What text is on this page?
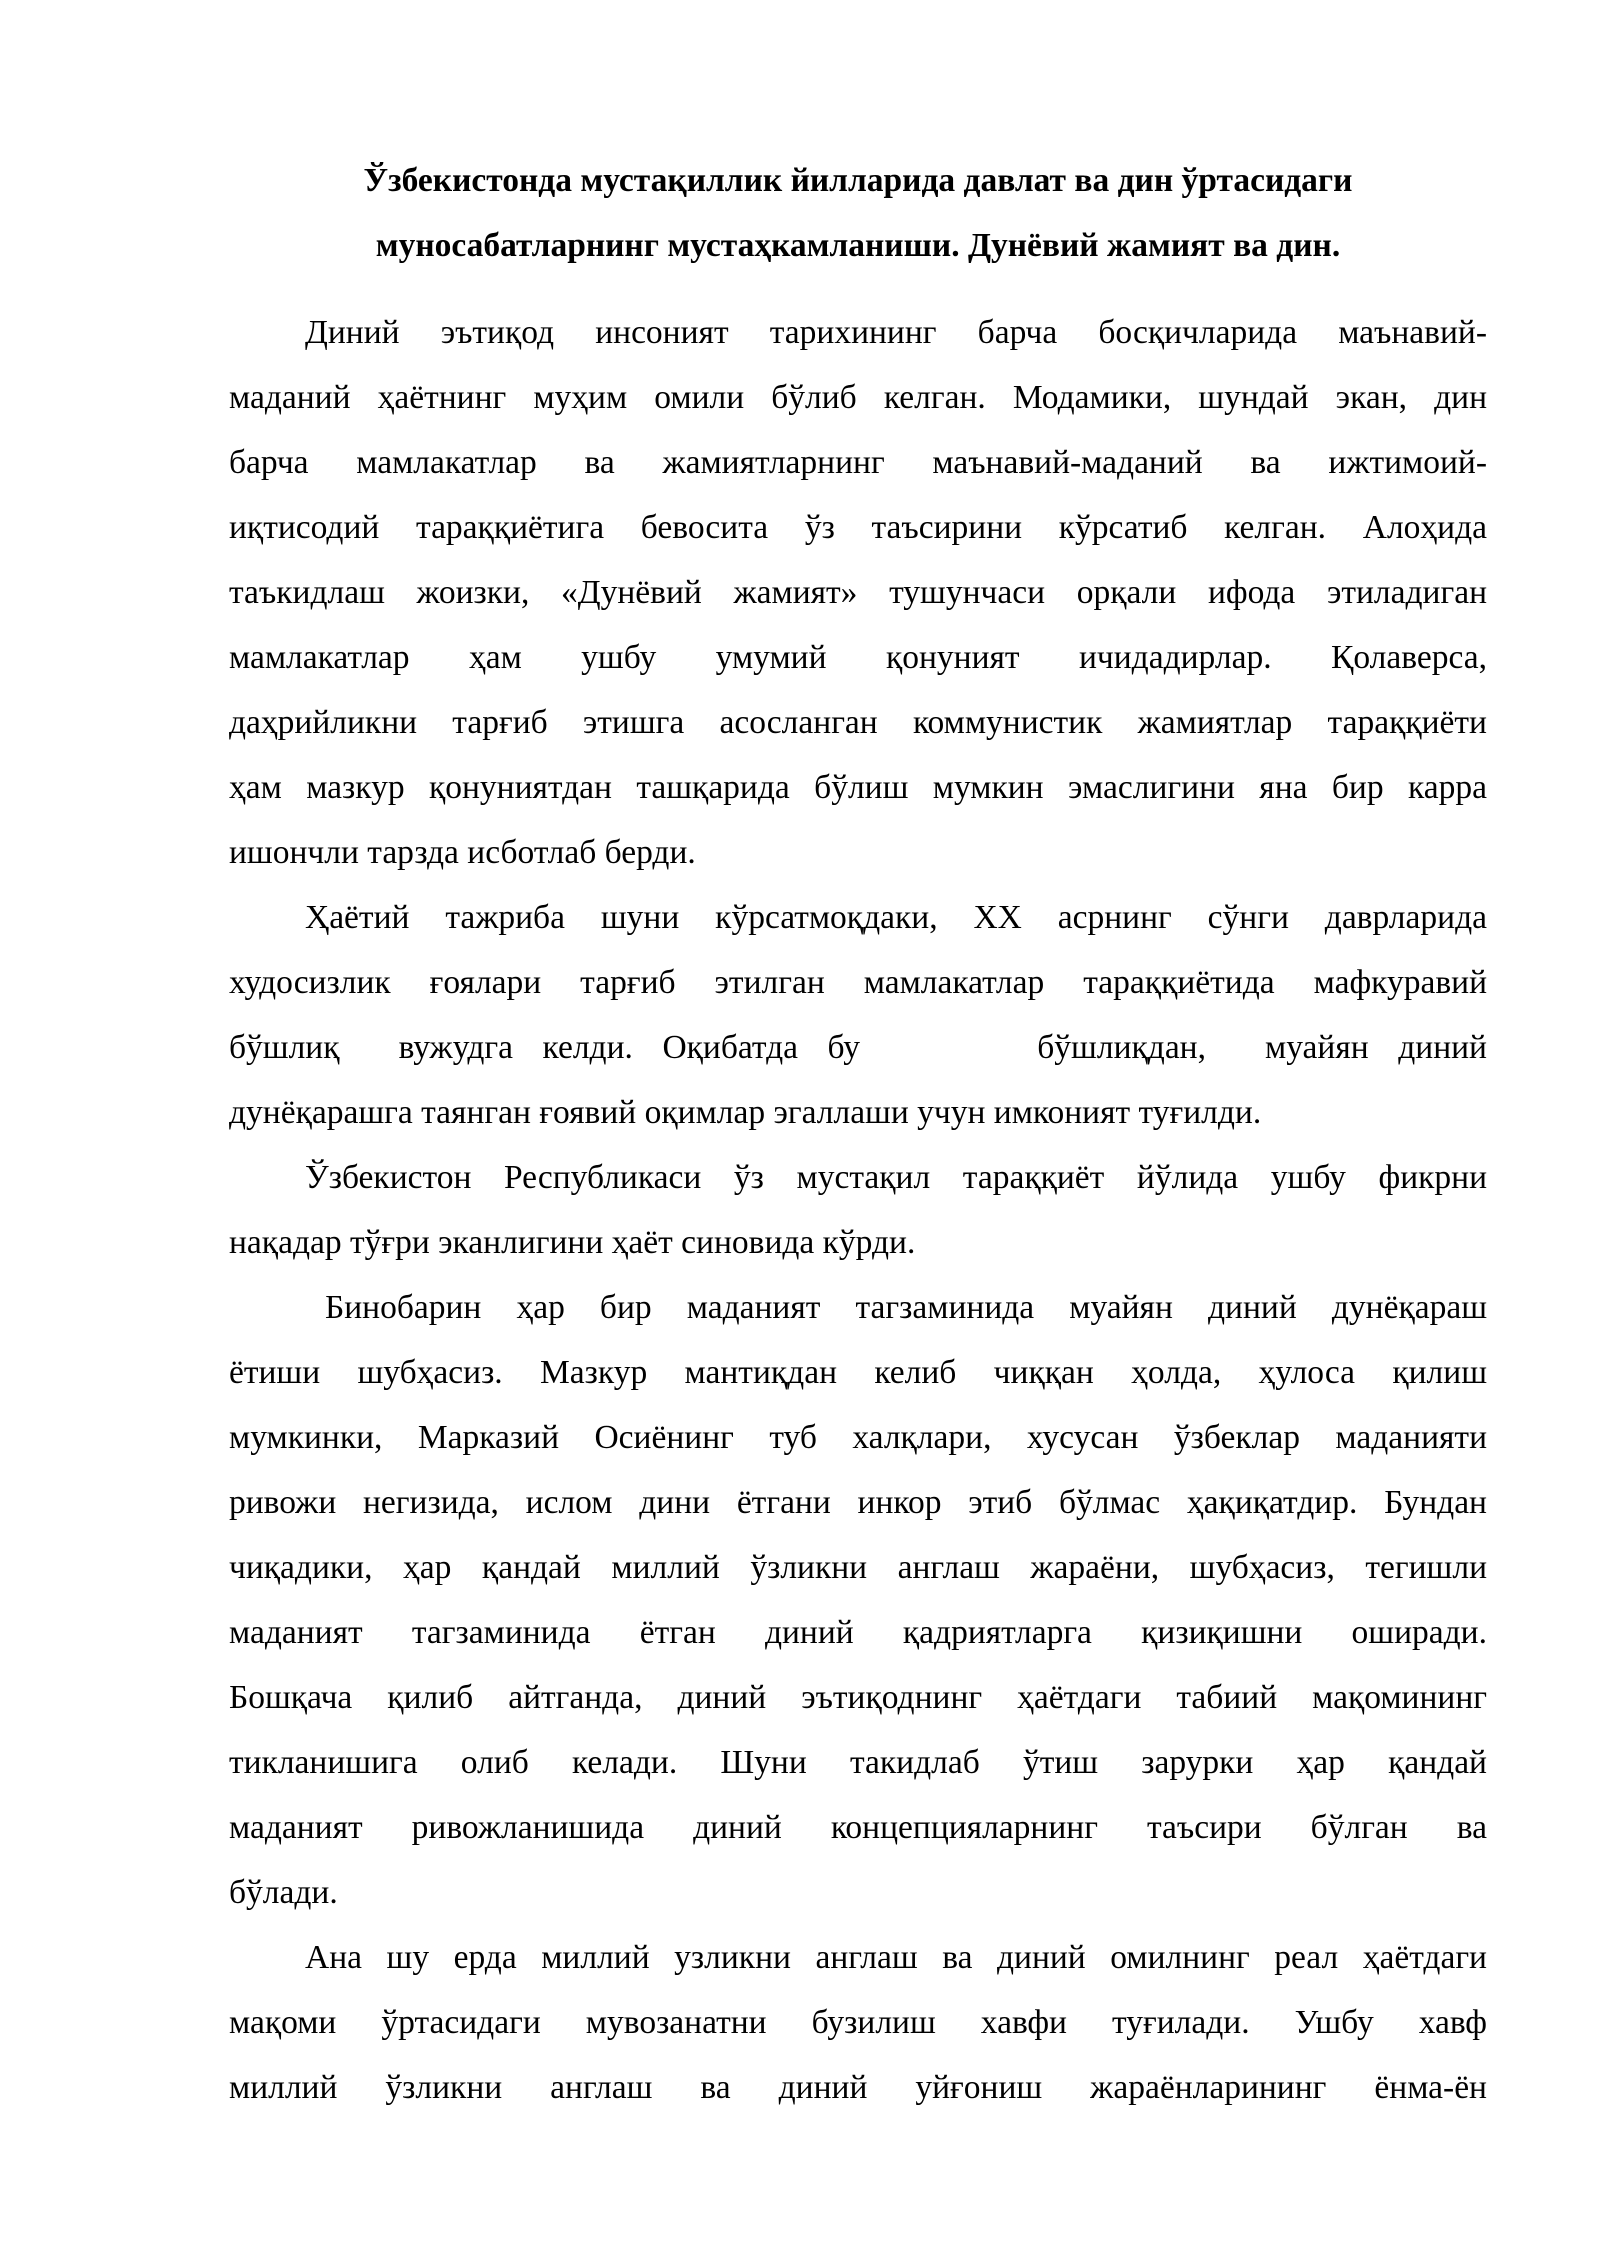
Ўзбекистонда мустақиллик йилларида давлат ва дин ўртасидаги
муносабатларнинг мустаҳкамланиши. Дунёвий жамият ва дин.

Диний эътиқод инсоният тарихининг барча босқичларида маънавий-
маданий ҳаётнинг муҳим омили бўлиб келган. Модамики, шундай экан, дин
барча мамлакатлар ва жамиятларнинг маънавий-маданий ва ижтимоий-
иқтисодий тараққиётига бевосита ўз таъсирини кўрсатиб келган. Алоҳида
таъкидлаш жоизки, «Дунёвий жамият» тушунчаси орқали ифода этиладиган
мамлакатлар ҳам ушбу умумий қонуният ичидадирлар. Қолаверса,
даҳрийликни тарғиб этишга асосланган коммунистик жамиятлар тараққиёти
ҳам мазкур қонуниятдан ташқарида бўлиш мумкин эмаслигини яна бир карра
ишончли тарзда исботлаб берди.

Ҳаётий тажриба шуни кўрсатмоқдаки, XX асрнинг сўнги даврларида
худосизлик ғоялари тарғиб этилган мамлакатлар тараққиётида мафкуравий
бўшлиқ  вужудга келди. Оқибатда бу      бўшлиқдан,  муайян диний
дунёқарашга таянган ғоявий оқимлар эгаллаши учун имконият туғилди.

Ўзбекистон Республикаси ўз мустақил тараққиёт йўлида ушбу фикрни
нақадар тўғри эканлигини ҳаёт синовида кўрди.

Бинобарин ҳар бир маданият тагзаминида муайян диний дунёқараш
ётиши шубҳасиз. Мазкур мантиқдан келиб чиққан ҳолда, ҳулоса қилиш
мумкинки, Марказий Осиёнинг туб халқлари, хусусан ўзбеклар маданияти
ривожи негизида, ислом дини ётгани инкор этиб бўлмас ҳақиқатдир. Бундан
чиқадики, ҳар қандай миллий ўзликни англаш жараёни, шубҳасиз, тегишли
маданият тагзаминида ётган диний қадриятларга қизиқишни оширади.
Бошқача қилиб айтганда, диний эътиқоднинг ҳаётдаги табиий мақомининг
тикланишига олиб келади. Шуни такидлаб ўтиш зарурки ҳар қандай
маданият ривожланишида диний концепцияларнинг таъсири бўлган ва
бўлади.

Ана шу ерда миллий узликни англаш ва диний омилнинг реал ҳаётдаги
мақоми ўртасидаги мувозанатни бузилиш хавфи туғилади. Ушбу хавф
миллий ўзликни англаш ва диний уйғониш жараёнларининг ёнма-ён
